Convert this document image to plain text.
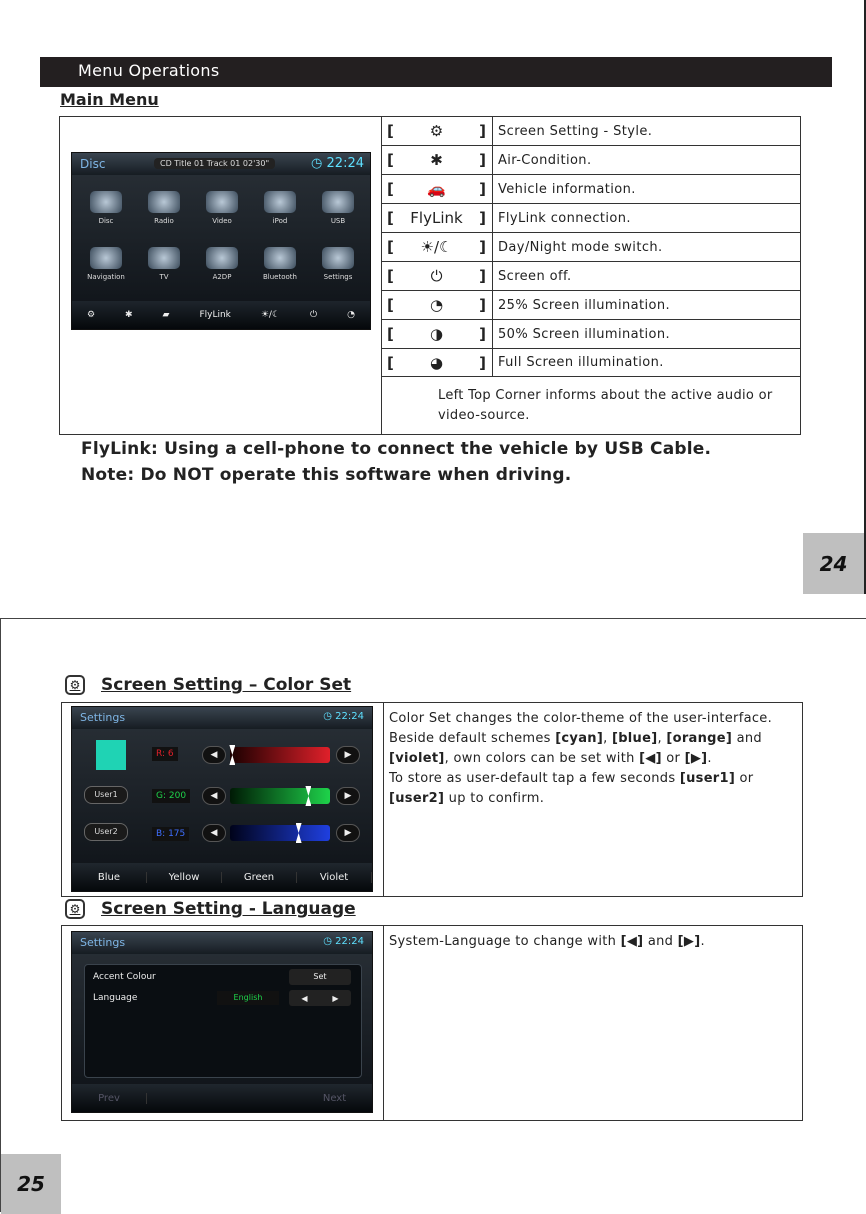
Menu Operations
Main Menu
Disc	CD Title 01 Track 01 02'30"	◷ 22:24
Disc	Radio	Video	iPod	USB
Navigation	TV	A2DP	Bluetooth	Settings
⚙	✱	▰	FlyLink	☀/☾	⏻	◔
[	⚙	] Screen Setting - Style.
[	✱	] Air-Condition.
[	🚗	] Vehicle information.
[	FlyLink	] FlyLink connection.
[	☀/☾	] Day/Night mode switch.
[	⏻	] Screen off.
[	◔	] 25% Screen illumination.
[	◑	] 50% Screen illumination.
[	◕	] Full Screen illumination.
Left Top Corner informs about the active audio or video-source.
FlyLink: Using a cell-phone to connect the vehicle by USB Cable.
Note: Do NOT operate this software when driving.
24
⚙ Screen Setting – Color Set
Settings	◷ 22:24
User1
User2
R: 6
G: 200
B: 175
◀	▶
◀	▶
◀	▶
Blue	Yellow	Green	Violet
Color Set changes the color-theme of the user-interface.
Beside default schemes [cyan], [blue], [orange] and
[violet], own colors can be set with [◀] or [▶].
To store as user-default tap a few seconds [user1] or
[user2] up to confirm.
⚙ Screen Setting - Language
Settings	◷ 22:24
Accent Colour	Set
Language	English	◀	▶
Prev	Next
System-Language to change with [◀] and [▶].
25
